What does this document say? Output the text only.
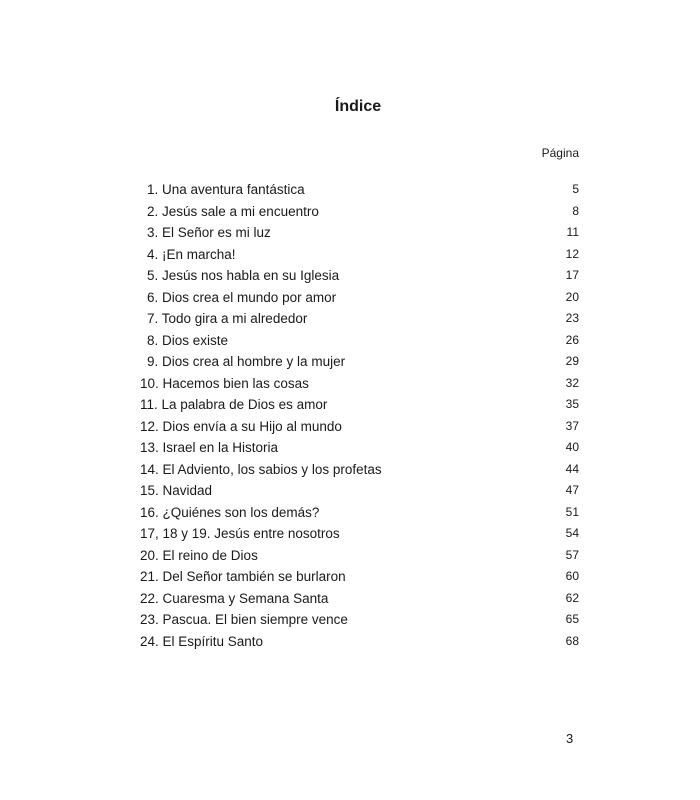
Índice
Página
1. Una aventura fantástica	5
2. Jesús sale a mi encuentro	8
3. El Señor es mi luz	11
4. ¡En marcha!	12
5. Jesús nos habla en su Iglesia	17
6. Dios crea el mundo por amor	20
7. Todo gira a mi alrededor	23
8. Dios existe	26
9. Dios crea al hombre y la mujer	29
10. Hacemos bien las cosas	32
11. La palabra de Dios es amor	35
12. Dios envía a su Hijo al mundo	37
13. Israel en la Historia	40
14. El Adviento, los sabios y los profetas	44
15. Navidad	47
16. ¿Quiénes son los demás?	51
17, 18 y 19. Jesús entre nosotros	54
20. El reino de Dios	57
21. Del Señor también se burlaron	60
22. Cuaresma y Semana Santa	62
23. Pascua. El bien siempre vence	65
24. El Espíritu Santo	68
3
